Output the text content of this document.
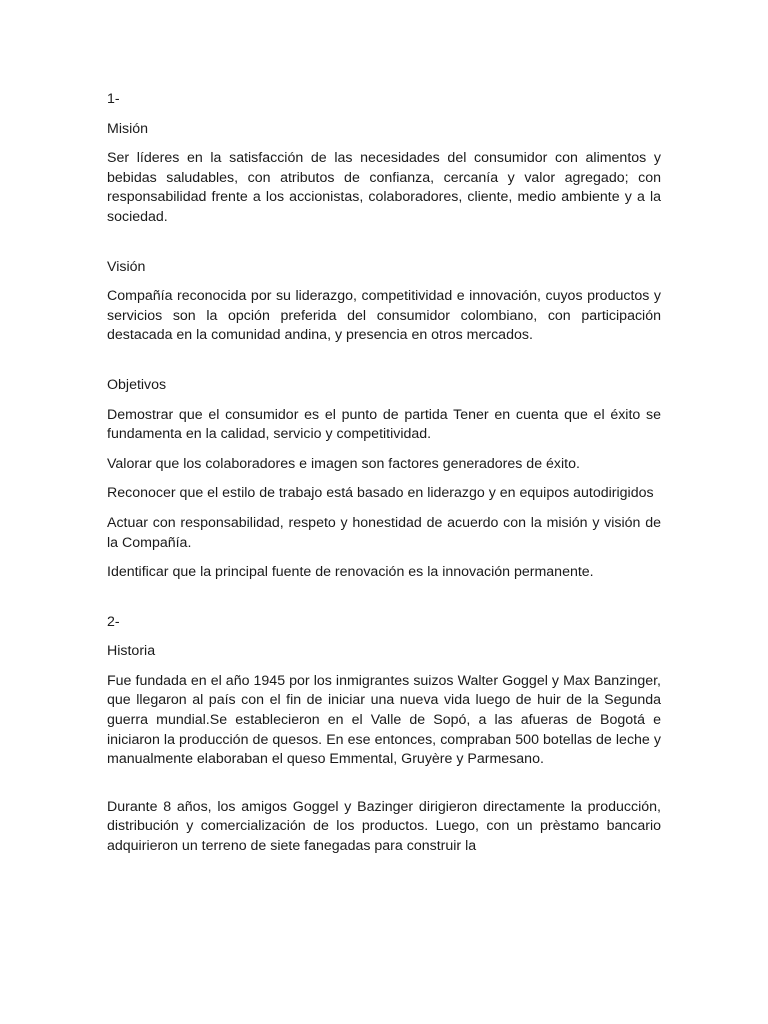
1-

Misión

Ser líderes en la satisfacción de las necesidades del consumidor con alimentos y bebidas saludables, con atributos de confianza, cercanía y valor agregado; con responsabilidad frente a los accionistas, colaboradores, cliente, medio ambiente y a la sociedad.

Visión

Compañía reconocida por su liderazgo, competitividad e innovación, cuyos productos y servicios son la opción preferida del consumidor colombiano, con participación destacada en la comunidad andina, y presencia en otros mercados.

Objetivos

Demostrar que el consumidor es el punto de partida Tener en cuenta que el éxito se fundamenta en la calidad, servicio y competitividad.

Valorar que los colaboradores e imagen son factores generadores de éxito.

Reconocer que el estilo de trabajo está basado en liderazgo y en equipos autodirigidos

Actuar con responsabilidad, respeto y honestidad de acuerdo con la misión y visión de la Compañía.

Identificar que la principal fuente de renovación es la innovación permanente.

2-

Historia

Fue fundada en el año 1945 por los inmigrantes suizos Walter Goggel y Max Banzinger, que llegaron al país con el fin de iniciar una nueva vida luego de huir de la Segunda guerra mundial.Se establecieron en el Valle de Sopó, a las afueras de Bogotá e iniciaron la producción de quesos. En ese entonces, compraban 500 botellas de leche y manualmente elaboraban el queso Emmental, Gruyère y Parmesano.

Durante 8 años, los amigos Goggel y Bazinger dirigieron directamente la producción, distribución y comercialización de los productos. Luego, con un prèstamo bancario adquirieron un terreno de siete fanegadas para construir la
